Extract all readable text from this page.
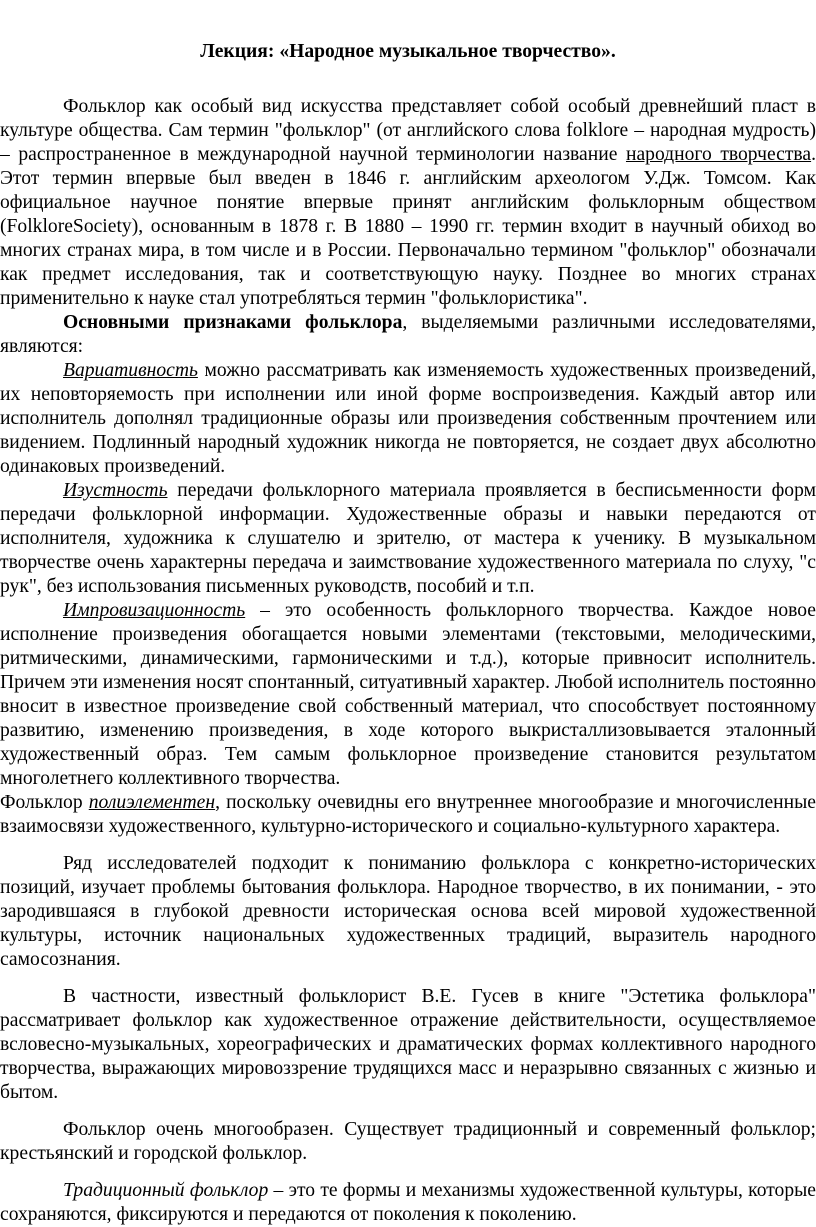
Лекция: «Народное музыкальное творчество».

Фольклор как особый вид искусства представляет собой особый древнейший пласт в культуре общества. Сам термин "фольклор" (от английского слова folklore – народная мудрость) – распространенное в международной научной терминологии название народного творчества. Этот термин впервые был введен в 1846 г. английским археологом У.Дж. Томсом. Как официальное научное понятие впервые принят английским фольклорным обществом (FolkloreSociety), основанным в 1878 г. В 1880 – 1990 гг. термин входит в научный обиход во многих странах мира, в том числе и в России. Первоначально термином "фольклор" обозначали как предмет исследования, так и соответствующую науку. Позднее во многих странах применительно к науке стал употребляться термин "фольклористика".

Основными признаками фольклора, выделяемыми различными исследователями, являются:

Вариативность можно рассматривать как изменяемость художественных произведений, их неповторяемость при исполнении или иной форме воспроизведения. Каждый автор или исполнитель дополнял традиционные образы или произведения собственным прочтением или видением. Подлинный народный художник никогда не повторяется, не создает двух абсолютно одинаковых произведений.

Изустность передачи фольклорного материала проявляется в бесписьменности форм передачи фольклорной информации. Художественные образы и навыки передаются от исполнителя, художника к слушателю и зрителю, от мастера к ученику. В музыкальном творчестве очень характерны передача и заимствование художественного материала по слуху, "с рук", без использования письменных руководств, пособий и т.п.

Импровизационность – это особенность фольклорного творчества. Каждое новое исполнение произведения обогащается новыми элементами (текстовыми, мелодическими, ритмическими, динамическими, гармоническими и т.д.), которые привносит исполнитель. Причем эти изменения носят спонтанный, ситуативный характер. Любой исполнитель постоянно вносит в известное произведение свой собственный материал, что способствует постоянному развитию, изменению произведения, в ходе которого выкристаллизовывается эталонный художественный образ. Тем самым фольклорное произведение становится результатом многолетнего коллективного творчества.

Фольклор полиэлементен, поскольку очевидны его внутреннее многообразие и многочисленные взаимосвязи художественного, культурно-исторического и социально-культурного характера.

Ряд исследователей подходит к пониманию фольклора с конкретно-исторических позиций, изучает проблемы бытования фольклора. Народное творчество, в их понимании, - это зародившаяся в глубокой древности историческая основа всей мировой художественной культуры, источник национальных художественных традиций, выразитель народного самосознания.

В частности, известный фольклорист В.Е. Гусев в книге "Эстетика фольклора" рассматривает фольклор как художественное отражение действительности, осуществляемое всловесно-музыкальных, хореографических и драматических формах коллективного народного творчества, выражающих мировоззрение трудящихся масс и неразрывно связанных с жизнью и бытом.

Фольклор очень многообразен. Существует традиционный и современный фольклор; крестьянский и городской фольклор.

Традиционный фольклор – это те формы и механизмы художественной культуры, которые сохраняются, фиксируются и передаются от поколения к поколению.
